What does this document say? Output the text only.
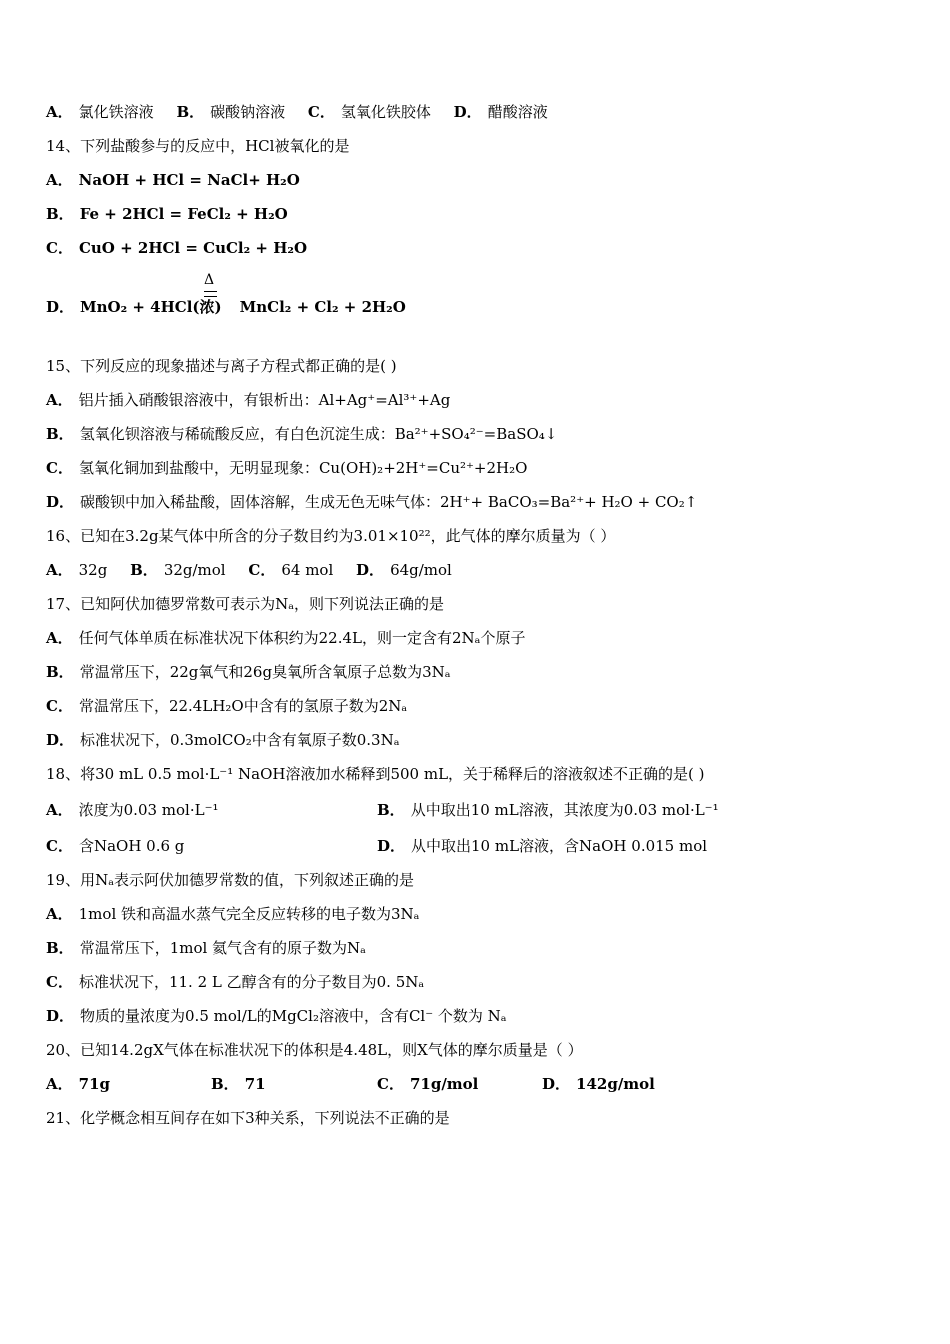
A． 氯化铁溶液 B． 碳酸钠溶液 C． 氢氧化铁胶体 D． 醋酸溶液
14、下列盐酸参与的反应中，HCl被氧化的是
A． NaOH + HCl = NaCl+ H₂O
B． Fe + 2HCl = FeCl₂ + H₂O
C． CuO + 2HCl = CuCl₂ + H₂O
Δ
D． MnO₂ + 4HCl(浓) MnCl₂ + Cl₂ + 2H₂O
15、下列反应的现象描述与离子方程式都正确的是( )
A． 铝片插入硝酸银溶液中，有银析出：Al+Ag⁺=Al³⁺+Ag
B． 氢氧化钡溶液与稀硫酸反应，有白色沉淀生成：Ba²⁺+SO₄²⁻=BaSO₄↓
C． 氢氧化铜加到盐酸中，无明显现象：Cu(OH)₂+2H⁺=Cu²⁺+2H₂O
D． 碳酸钡中加入稀盐酸，固体溶解，生成无色无味气体：2H⁺+ BaCO₃=Ba²⁺+ H₂O + CO₂↑
16、已知在3.2g某气体中所含的分子数目约为3.01×10²²，此气体的摩尔质量为（ ）
A． 32g B． 32g/mol C． 64 mol D． 64g/mol
17、已知阿伏加德罗常数可表示为Nₐ，则下列说法正确的是
A． 任何气体单质在标准状况下体积约为22.4L，则一定含有2Nₐ个原子
B． 常温常压下，22g氧气和26g臭氧所含氧原子总数为3Nₐ
C． 常温常压下，22.4LH₂O中含有的氢原子数为2Nₐ
D． 标准状况下，0.3molCO₂中含有氧原子数0.3Nₐ
18、将30 mL 0.5 mol·L⁻¹ NaOH溶液加水稀释到500 mL，关于稀释后的溶液叙述不正确的是( )
A． 浓度为0.03 mol·L⁻¹	B． 从中取出10 mL溶液，其浓度为0.03 mol·L⁻¹
C． 含NaOH 0.6 g	D． 从中取出10 mL溶液，含NaOH 0.015 mol
19、用Nₐ表示阿伏加德罗常数的值，下列叙述正确的是
A． 1mol 铁和高温水蒸气完全反应转移的电子数为3Nₐ
B． 常温常压下，1mol 氦气含有的原子数为Nₐ
C． 标准状况下，11. 2 L 乙醇含有的分子数目为0. 5Nₐ
D． 物质的量浓度为0.5 mol/L的MgCl₂溶液中，含有Cl⁻ 个数为 Nₐ
20、已知14.2gX气体在标准状况下的体积是4.48L，则X气体的摩尔质量是（ ）
A． 71g	B． 71	C． 71g/mol	D． 142g/mol
21、化学概念相互间存在如下3种关系，下列说法不正确的是
